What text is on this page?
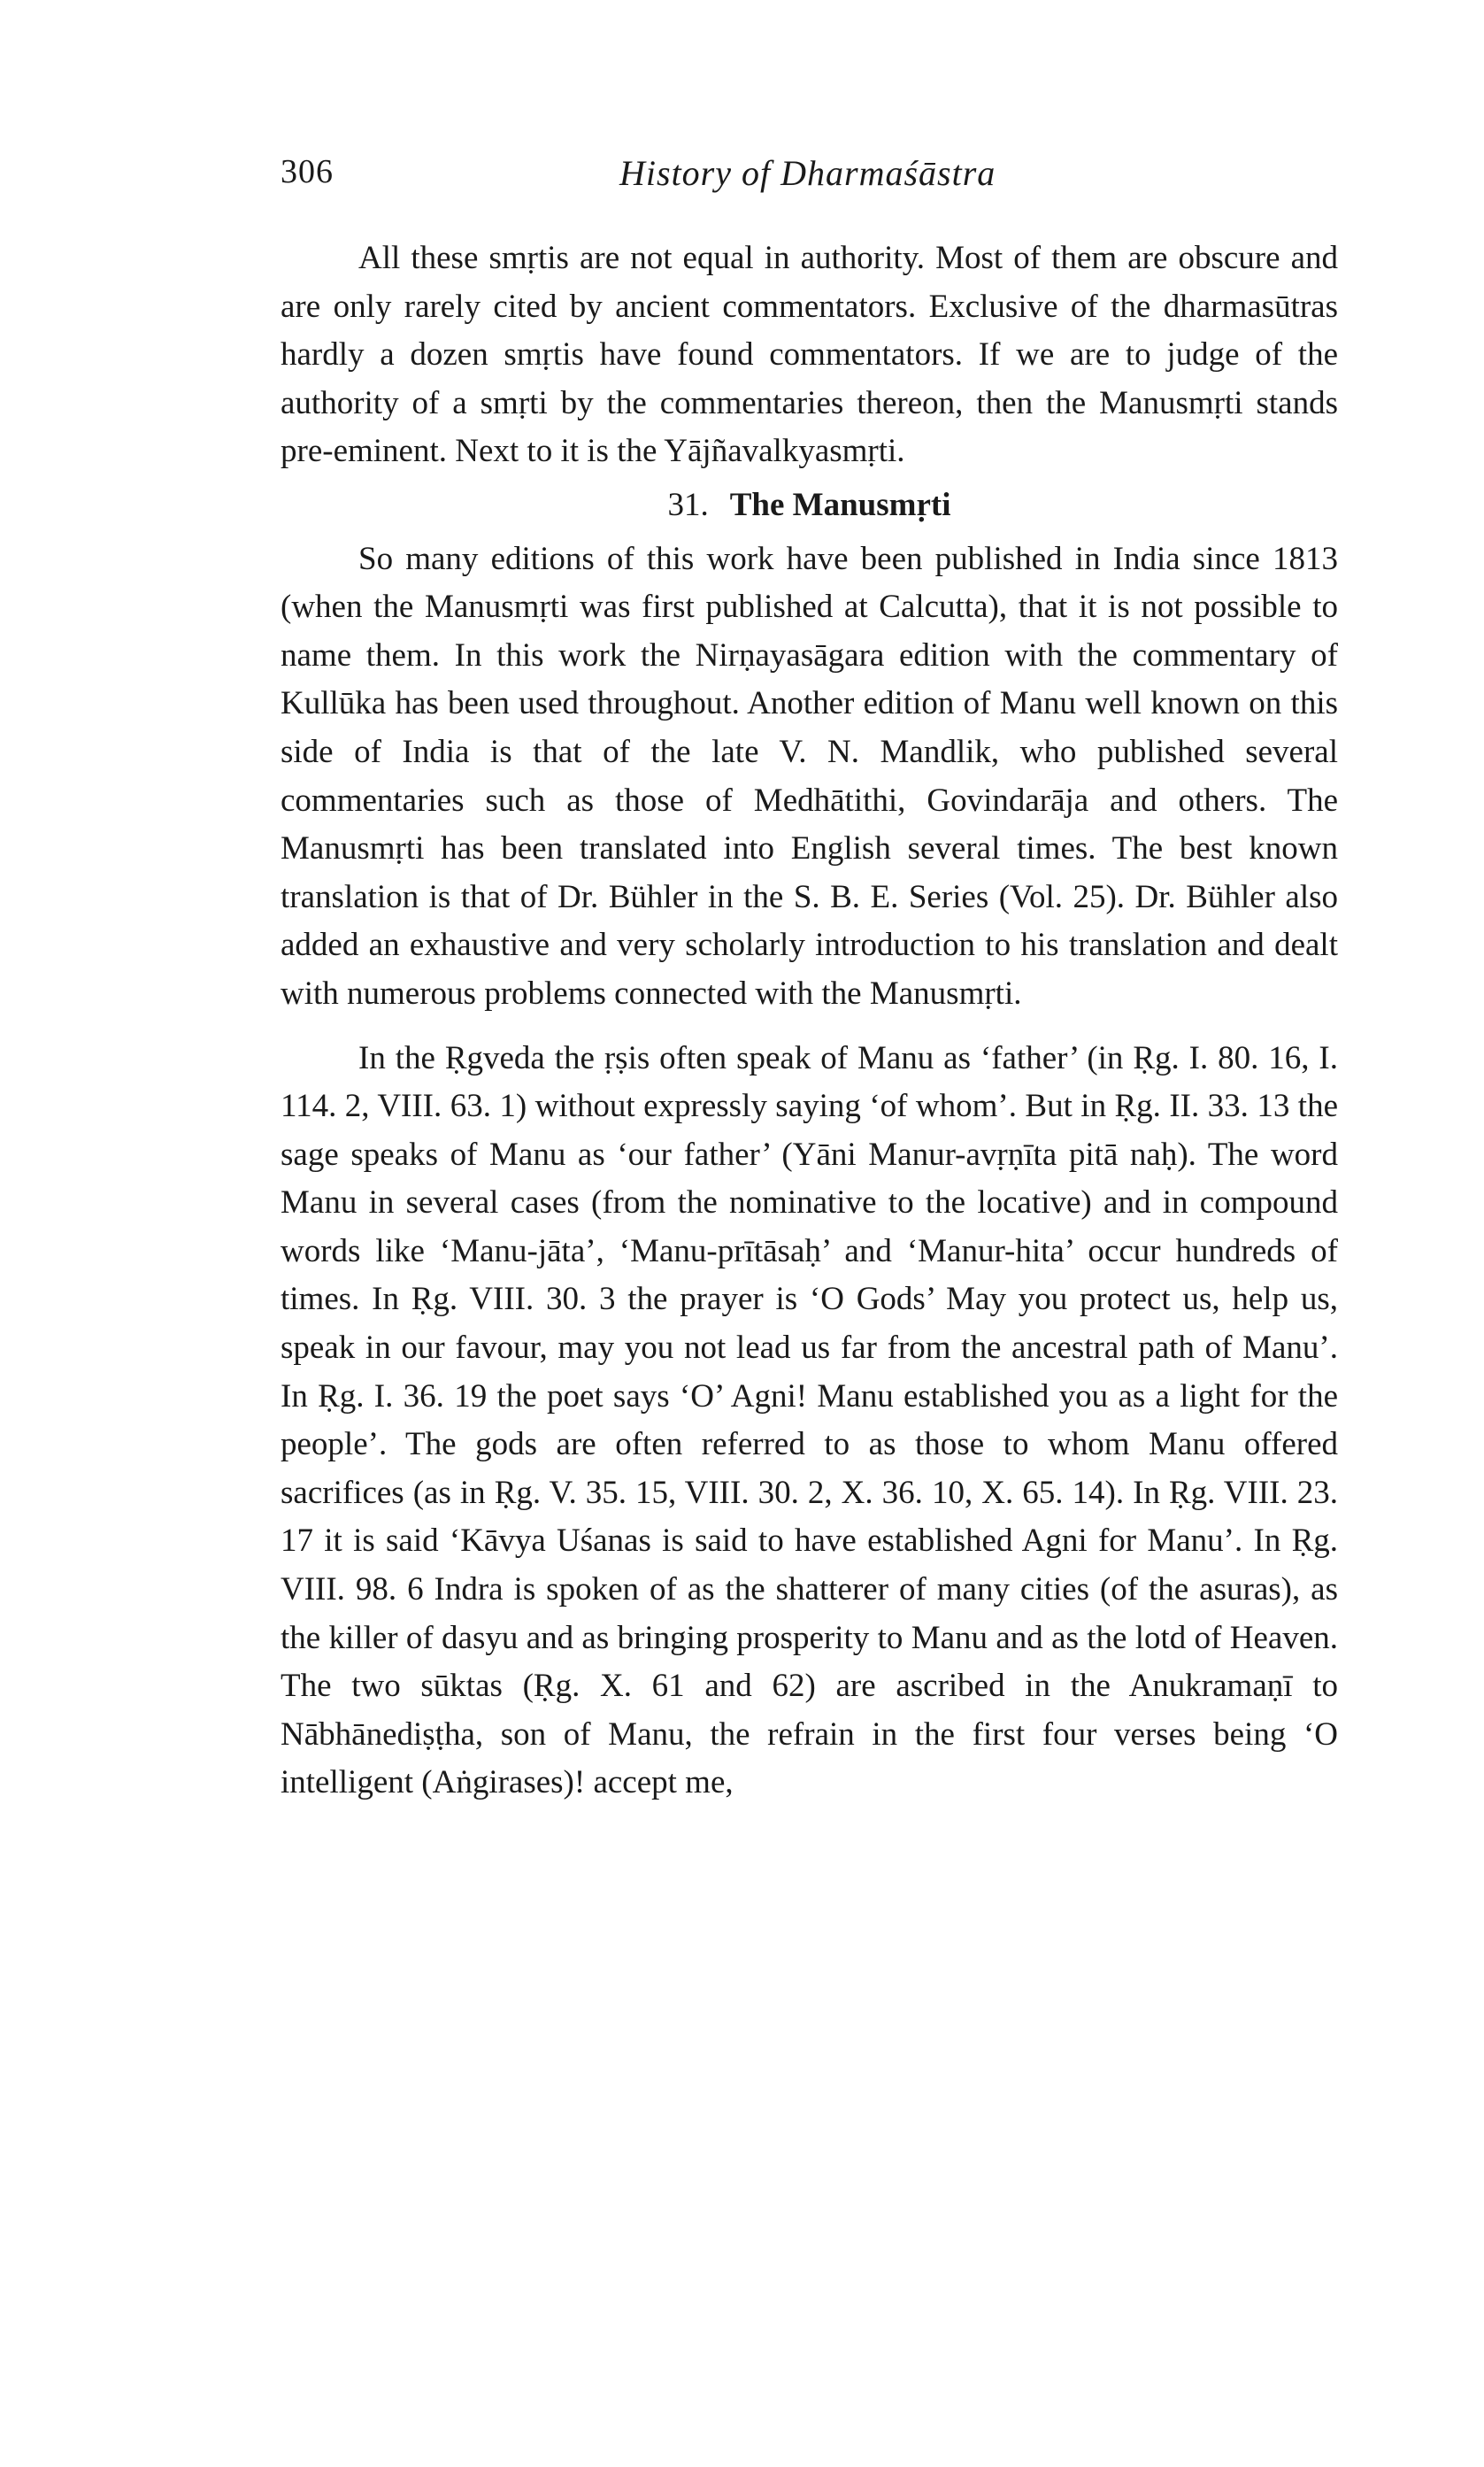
306	History of Dharmaśāstra

All these smṛtis are not equal in authority. Most of them are obscure and are only rarely cited by ancient commentators. Exclusive of the dharmasūtras hardly a dozen smṛtis have found commentators. If we are to judge of the authority of a smṛti by the commentaries thereon, then the Manusmṛti stands pre-eminent. Next to it is the Yājñavalkyasmṛti.

31. The Manusmṛti

So many editions of this work have been published in India since 1813 (when the Manusmṛti was first published at Calcutta), that it is not possible to name them. In this work the Nirṇayasāgara edition with the commentary of Kullūka has been used throughout. Another edition of Manu well known on this side of India is that of the late V. N. Mandlik, who published several commentaries such as those of Medhātithi, Govindarāja and others. The Manusmṛti has been translated into English several times. The best known translation is that of Dr. Bühler in the S. B. E. Series (Vol. 25). Dr. Bühler also added an exhaustive and very scholarly introduction to his translation and dealt with numerous problems connected with the Manusmṛti.

In the Ṛgveda the ṛṣis often speak of Manu as ‘father’ (in Ṛg. I. 80. 16, I. 114. 2, VIII. 63. 1) without expressly saying ‘of whom’. But in Ṛg. II. 33. 13 the sage speaks of Manu as ‘our father’ (Yāni Manur-avṛṇīta pitā naḥ). The word Manu in several cases (from the nominative to the locative) and in compound words like ‘Manu-jāta’, ‘Manu-prītāsaḥ’ and ‘Manur-hita’ occur hundreds of times. In Ṛg. VIII. 30. 3 the prayer is ‘O Gods’ May you protect us, help us, speak in our favour, may you not lead us far from the ancestral path of Manu’. In Ṛg. I. 36. 19 the poet says ‘O’ Agni! Manu established you as a light for the people’. The gods are often referred to as those to whom Manu offered sacrifices (as in Ṛg. V. 35. 15, VIII. 30. 2, X. 36. 10, X. 65. 14). In Ṛg. VIII. 23. 17 it is said ‘Kāvya Uśanas is said to have established Agni for Manu’. In Ṛg. VIII. 98. 6 Indra is spoken of as the shatterer of many cities (of the asuras), as the killer of dasyu and as bringing prosperity to Manu and as the lotd of Heaven. The two sūktas (Ṛg. X. 61 and 62) are ascribed in the Anukramaṇī to Nābhānediṣṭha, son of Manu, the refrain in the first four verses being ‘O intelligent (Aṅgirases)! accept me,
